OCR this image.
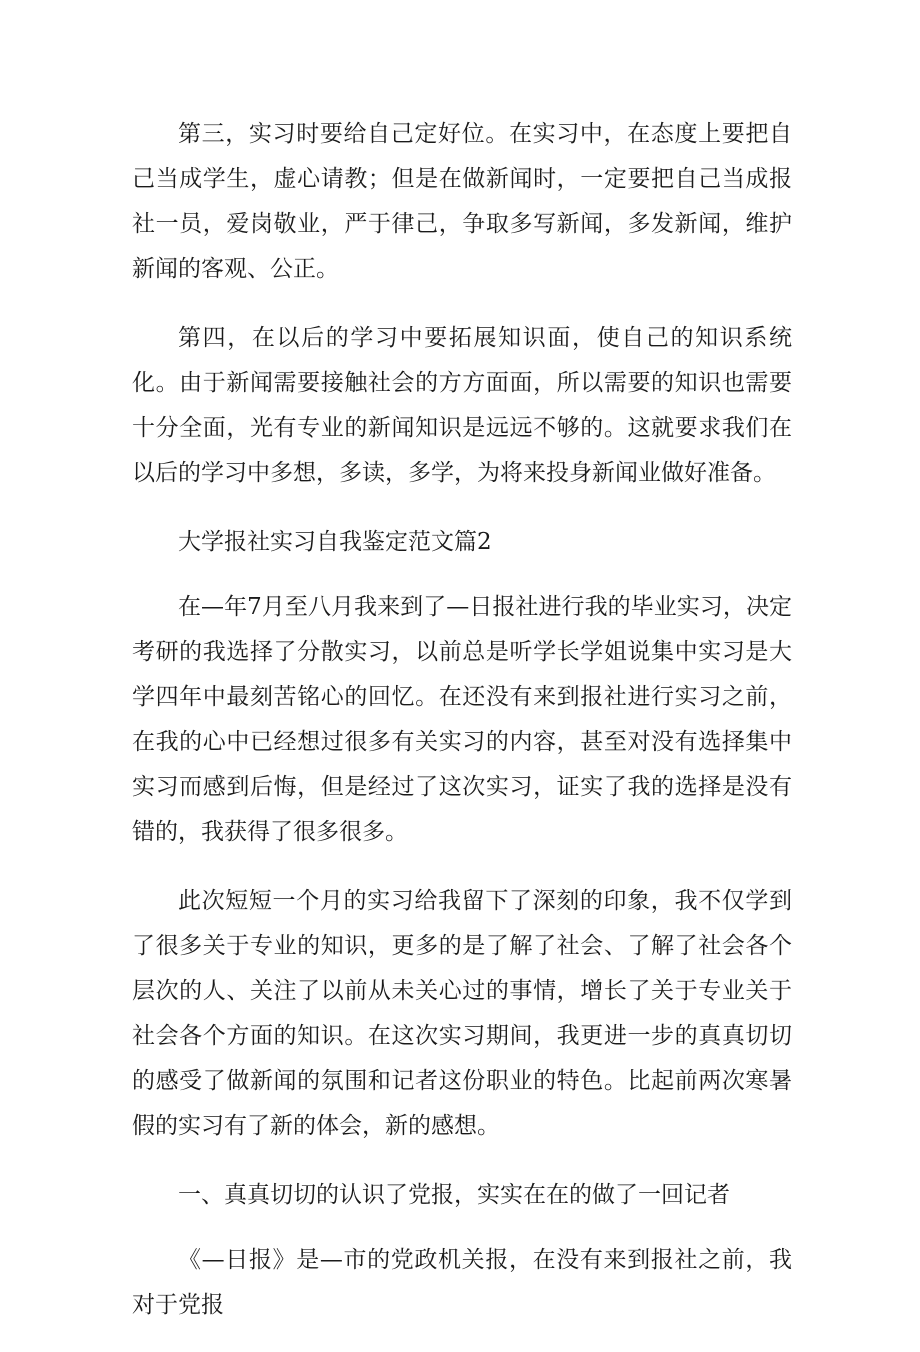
第三，实习时要给自己定好位。在实习中，在态度上要把自己当成学生，虚心请教；但是在做新闻时，一定要把自己当成报社一员，爱岗敬业，严于律己，争取多写新闻，多发新闻，维护新闻的客观、公正。

第四，在以后的学习中要拓展知识面，使自己的知识系统化。由于新闻需要接触社会的方方面面，所以需要的知识也需要十分全面，光有专业的新闻知识是远远不够的。这就要求我们在以后的学习中多想，多读，多学，为将来投身新闻业做好准备。

大学报社实习自我鉴定范文篇2

在—年7月至八月我来到了—日报社进行我的毕业实习，决定考研的我选择了分散实习，以前总是听学长学姐说集中实习是大学四年中最刻苦铭心的回忆。在还没有来到报社进行实习之前，在我的心中已经想过很多有关实习的内容，甚至对没有选择集中实习而感到后悔，但是经过了这次实习，证实了我的选择是没有错的，我获得了很多很多。

此次短短一个月的实习给我留下了深刻的印象，我不仅学到了很多关于专业的知识，更多的是了解了社会、了解了社会各个层次的人、关注了以前从未关心过的事情，增长了关于专业关于社会各个方面的知识。在这次实习期间，我更进一步的真真切切的感受了做新闻的氛围和记者这份职业的特色。比起前两次寒暑假的实习有了新的体会，新的感想。

一、真真切切的认识了党报，实实在在的做了一回记者

《—日报》是—市的党政机关报，在没有来到报社之前，我对于党报
